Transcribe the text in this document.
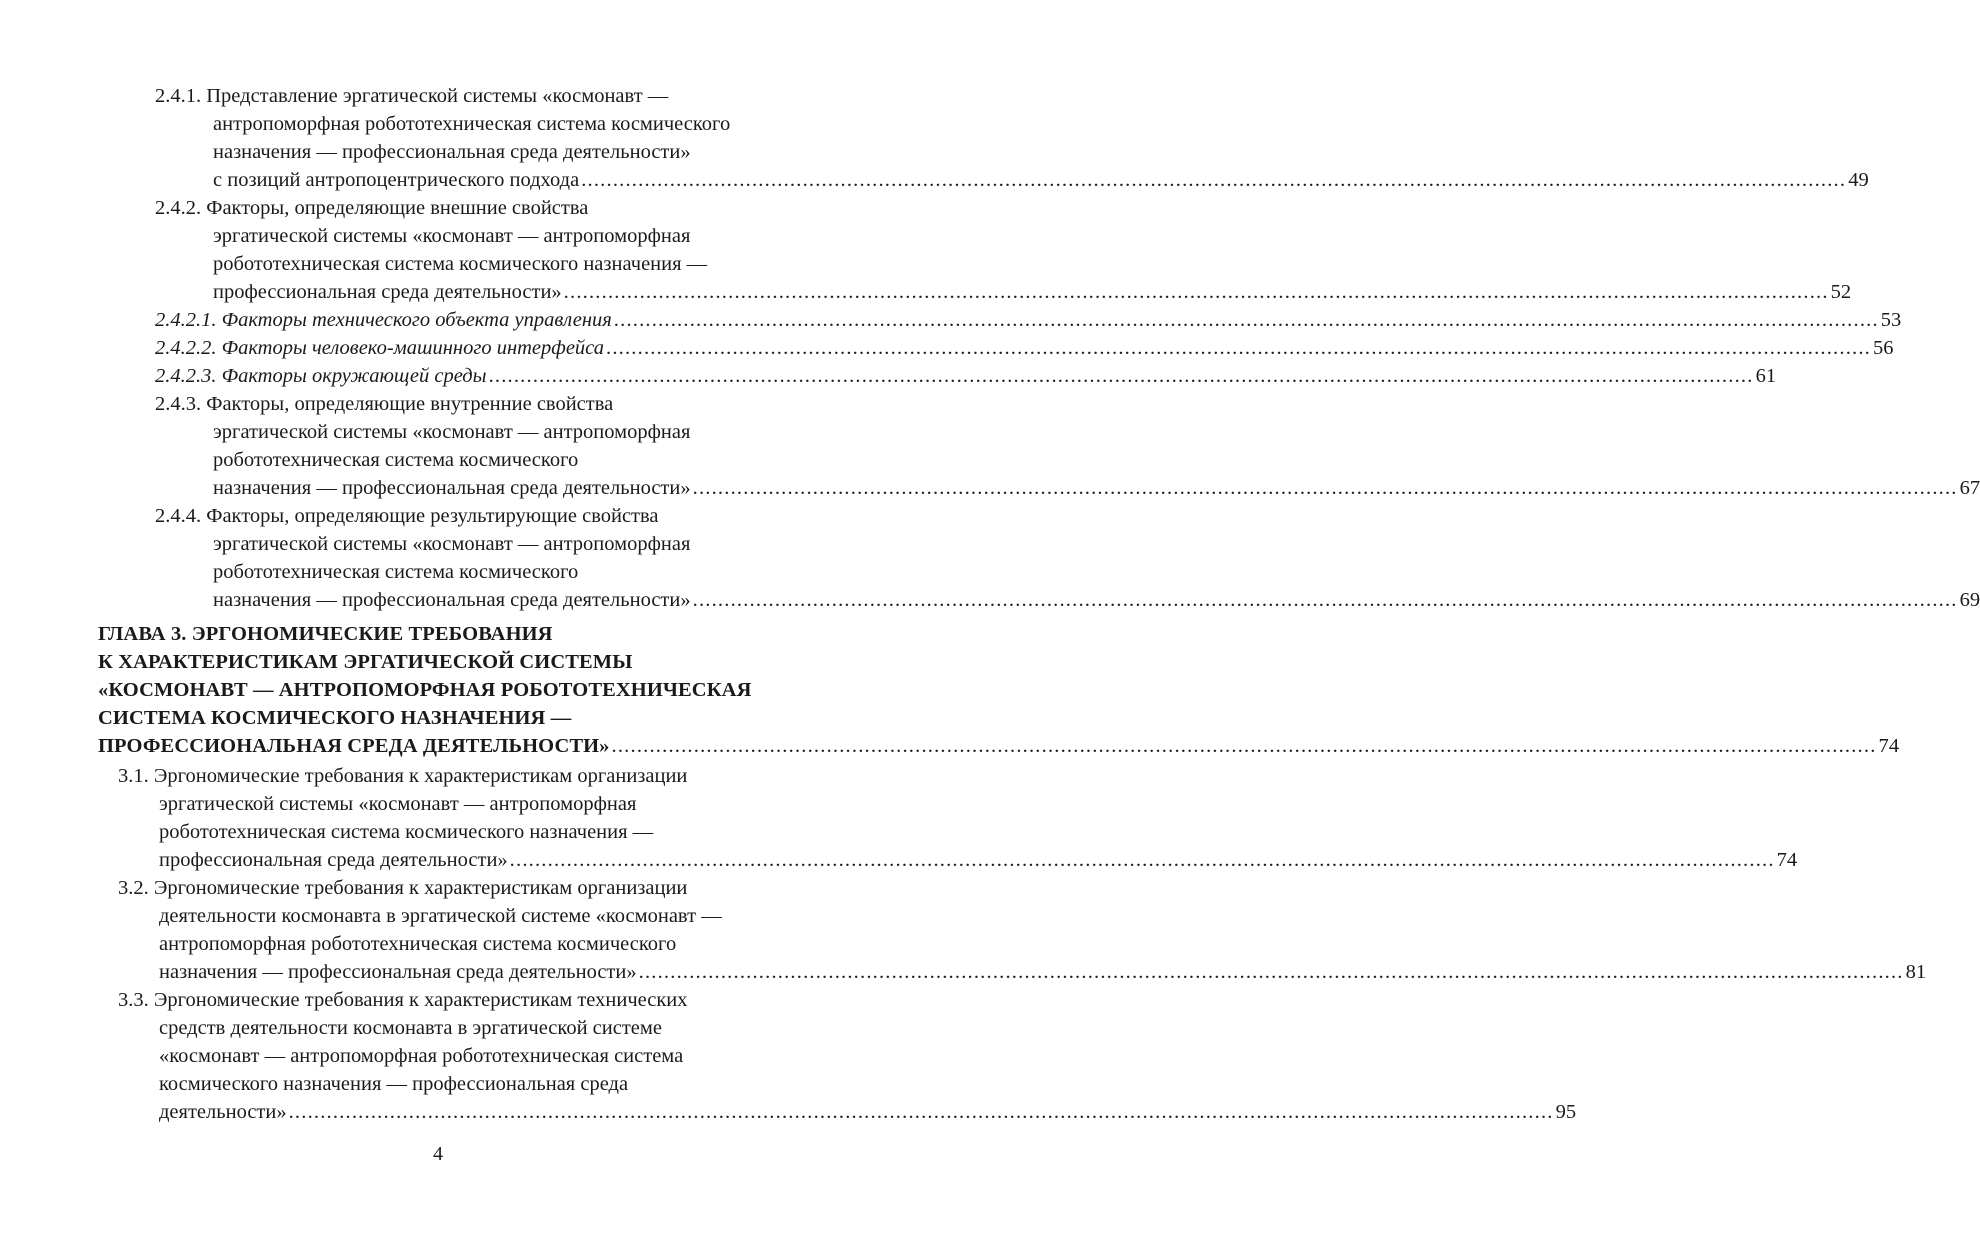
2.4.1. Представление эргатической системы «космонавт —
антропоморфная робототехническая система космического
назначения — профессиональная среда деятельности»
с позиций антропоцентрического подхода ........................................................................................................................................................................................................ 49
2.4.2. Факторы, определяющие внешние свойства
эргатической системы «космонавт — антропоморфная
робототехническая система космического назначения —
профессиональная среда деятельности» ........................................................................................................................................................................................................ 52
2.4.2.1. Факторы технического объекта управления ........................................................................................................................................................................................................ 53
2.4.2.2. Факторы человеко-машинного интерфейса ........................................................................................................................................................................................................ 56
2.4.2.3. Факторы окружающей среды ........................................................................................................................................................................................................ 61
2.4.3. Факторы, определяющие внутренние свойства
эргатической системы «космонавт — антропоморфная
робототехническая система космического
назначения — профессиональная среда деятельности» ........................................................................................................................................................................................................ 67
2.4.4. Факторы, определяющие результирующие свойства
эргатической системы «космонавт — антропоморфная
робототехническая система космического
назначения — профессиональная среда деятельности» ........................................................................................................................................................................................................ 69
ГЛАВА 3. ЭРГОНОМИЧЕСКИЕ ТРЕБОВАНИЯ
К ХАРАКТЕРИСТИКАМ ЭРГАТИЧЕСКОЙ СИСТЕМЫ
«КОСМОНАВТ — АНТРОПОМОРФНАЯ РОБОТОТЕХНИЧЕСКАЯ
СИСТЕМА КОСМИЧЕСКОГО НАЗНАЧЕНИЯ —
ПРОФЕССИОНАЛЬНАЯ СРЕДА ДЕЯТЕЛЬНОСТИ» ........................................................................................................................................................................................................ 74
3.1. Эргономические требования к характеристикам организации
эргатической системы «космонавт — антропоморфная
робототехническая система космического назначения —
профессиональная среда деятельности» ........................................................................................................................................................................................................ 74
3.2. Эргономические требования к характеристикам организации
деятельности космонавта в эргатической системе «космонавт —
антропоморфная робототехническая система космического
назначения — профессиональная среда деятельности» ........................................................................................................................................................................................................ 81
3.3. Эргономические требования к характеристикам технических
средств деятельности космонавта в эргатической системе
«космонавт — антропоморфная робототехническая система
космического назначения — профессиональная среда
деятельности» ........................................................................................................................................................................................................ 95
4
